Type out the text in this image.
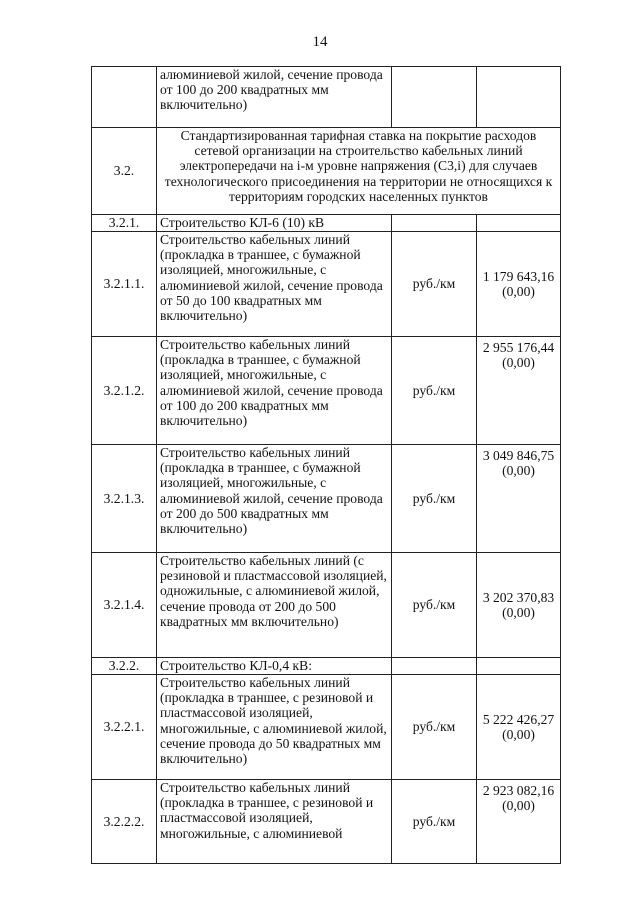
14
	алюминиевой жилой, сечение провода от 100 до 200 квадратных мм включительно)		

3.2.	Стандартизированная тарифная ставка на покрытие расходов сетевой организации на строительство кабельных линий электропередачи на i-м уровне напряжения (С3,i) для случаев технологического присоединения на территории не относящихся к территориям городских населенных пунктов		
3.2.1.	Строительство КЛ-6 (10) кВ		

3.2.1.1.	Строительство кабельных линий (прокладка в траншее, с бумажной изоляцией, многожильные, с алюминиевой жилой, сечение провода от 50 до 100 квадратных мм включительно)	руб./км	1 179 643,16
(0,00)

3.2.1.2.	Строительство кабельных линий (прокладка в траншее, с бумажной изоляцией, многожильные, с алюминиевой жилой, сечение провода от 100 до 200 квадратных мм включительно)	руб./км	2 955 176,44
(0,00)

3.2.1.3.	Строительство кабельных линий (прокладка в траншее, с бумажной изоляцией, многожильные, с алюминиевой жилой, сечение провода от 200 до 500 квадратных мм включительно)	руб./км	3 049 846,75
(0,00)

3.2.1.4.	Строительство кабельных линий (с резиновой и пластмассовой изоляцией, одножильные, с алюминиевой жилой, сечение провода от 200 до 500 квадратных мм включительно)	руб./км	3 202 370,83
(0,00)

3.2.2.	Строительство КЛ-0,4 кВ:		

3.2.2.1.	Строительство кабельных линий (прокладка в траншее, с резиновой и пластмассовой изоляцией, многожильные, с алюминиевой жилой, сечение провода до 50 квадратных мм включительно)	руб./км	5 222 426,27
(0,00)

3.2.2.2.	Строительство кабельных линий (прокладка в траншее, с резиновой и пластмассовой изоляцией, многожильные, с алюминиевой	руб./км	2 923 082,16
(0,00)
